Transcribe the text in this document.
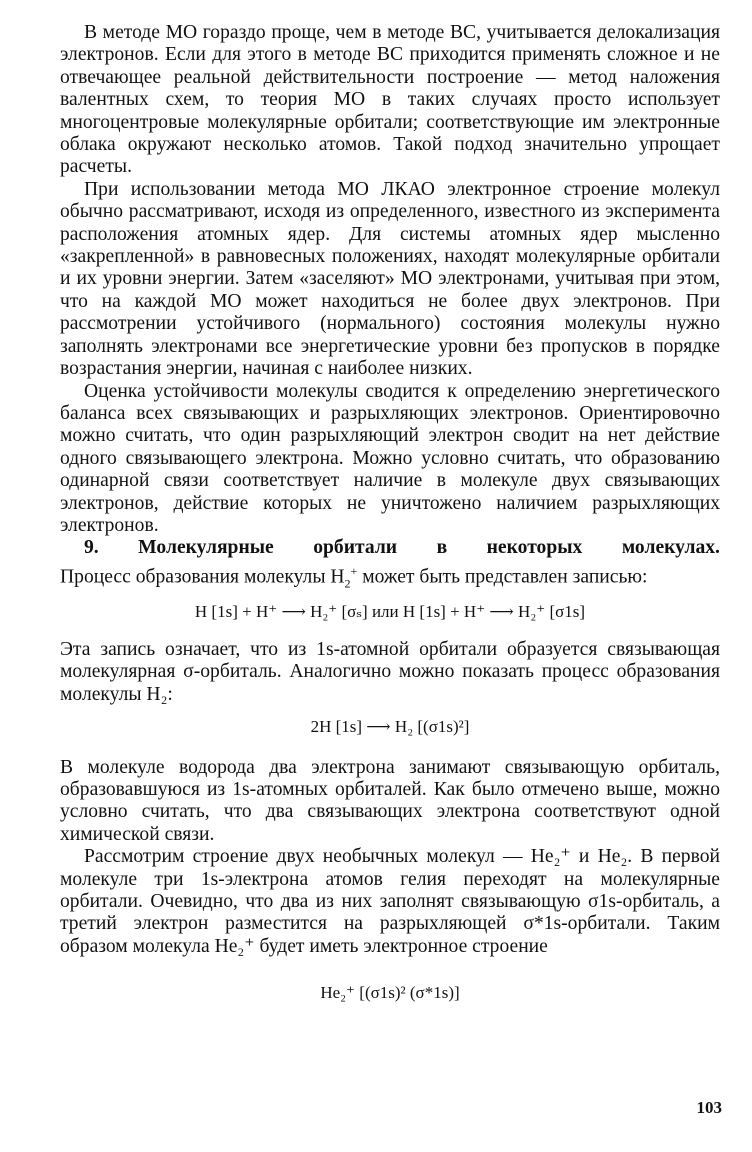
В методе МО гораздо проще, чем в методе ВС, учитывается делокализация электронов. Если для этого в методе ВС приходится применять сложное и не отвечающее реальной действительности построение — метод наложения валентных схем, то теория МО в таких случаях просто использует многоцентровые молекулярные орбитали; соответствующие им электронные облака окружают несколько атомов. Такой подход значительно упрощает расчеты.

При использовании метода МО ЛКАО электронное строение молекул обычно рассматривают, исходя из определенного, известного из эксперимента расположения атомных ядер. Для системы атомных ядер мысленно «закрепленной» в равновесных положениях, находят молекулярные орбитали и их уровни энергии. Затем «заселяют» МО электронами, учитывая при этом, что на каждой МО может находиться не более двух электронов. При рассмотрении устойчивого (нормального) состояния молекулы нужно заполнять электронами все энергетические уровни без пропусков в порядке возрастания энергии, начиная с наиболее низких.

Оценка устойчивости молекулы сводится к определению энергетического баланса всех связывающих и разрыхляющих электронов. Ориентировочно можно считать, что один разрыхляющий электрон сводит на нет действие одного связывающего электрона. Можно условно считать, что образованию одинарной связи соответствует наличие в молекуле двух связывающих электронов, действие которых не уничтожено наличием разрыхляющих электронов.

9. Молекулярные орбитали в некоторых молекулах.

Процесс образования молекулы $H_2^+$ может быть представлен записью:

H [1s] + H⁺ ⟶ H₂⁺ [σₛ] или H [1s] + H⁺ ⟶ H₂⁺ [σ1s]

Эта запись означает, что из 1s-атомной орбитали образуется связывающая молекулярная σ-орбиталь. Аналогично можно показать процесс образования молекулы H₂:

2H [1s] ⟶ H₂ [(σ1s)²]

В молекуле водорода два электрона занимают связывающую орбиталь, образовавшуюся из 1s-атомных орбиталей. Как было отмечено выше, можно условно считать, что два связывающих электрона соответствуют одной химической связи.

Рассмотрим строение двух необычных молекул — He₂⁺ и He₂. В первой молекуле три 1s-электрона атомов гелия переходят на молекулярные орбитали. Очевидно, что два из них заполнят связывающую σ1s-орбиталь, а третий электрон разместится на разрыхляющей σ*1s-орбитали. Таким образом молекула He₂⁺ будет иметь электронное строение

He₂⁺ [(σ1s)² (σ*1s)]
103
